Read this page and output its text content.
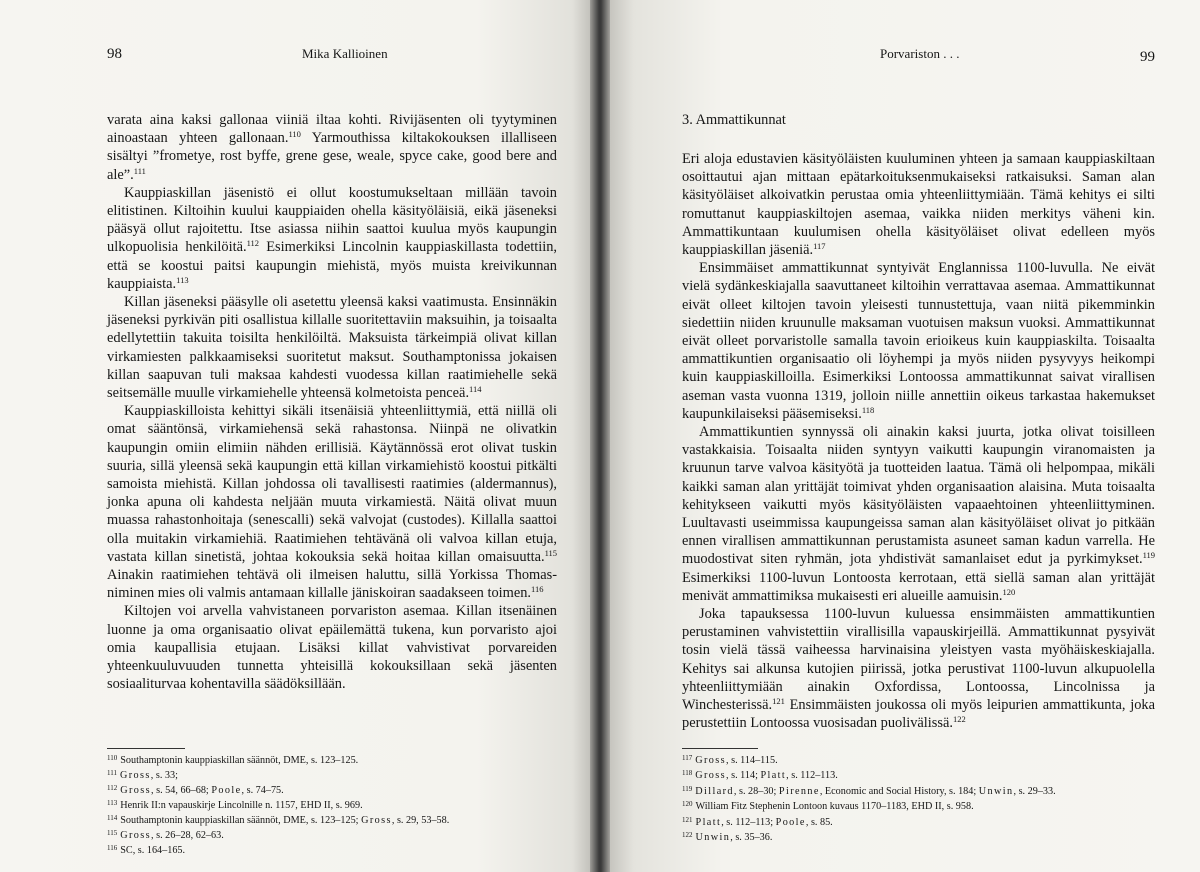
98	Mika Kallioinen

varata aina kaksi gallonaa viiniä iltaa kohti. Rivijäsenten oli tyytyminen ainoastaan yhteen gallonaan.$^{110}$ Yarmouthissa kiltakokouksen illalliseen sisältyi ”frometye, rost byffe, grene gese, weale, spyce cake, good bere and ale”.$^{111}$

Kauppiaskillan jäsenistö ei ollut koostumukseltaan millään tavoin elitistinen. Kiltoihin kuului kauppiaiden ohella käsityöläisiä, eikä jäseneksi pääsyä ollut rajoitettu. Itse asiassa niihin saattoi kuulua myös kaupungin ulkopuolisia henkilöitä.$^{112}$ Esimerkiksi Lincolnin kauppiaskillasta todettiin, että se koostui paitsi kaupungin miehistä, myös muista kreivikunnan kauppiaista.$^{113}$

Killan jäseneksi pääsylle oli asetettu yleensä kaksi vaatimusta. Ensinnäkin jäseneksi pyrkivän piti osallistua killalle suoritettaviin maksuihin, ja toisaalta edellytettiin takuita toisilta henkilöiltä. Maksuista tärkeimpiä olivat killan virkamiesten palkkaamiseksi suoritetut maksut. Southamptonissa jokaisen killan saapuvan tuli maksaa kahdesti vuodessa killan raatimiehelle sekä seitsemälle muulle virkamiehelle yhteensä kolmetoista penceä.$^{114}$

Kauppiaskilloista kehittyi sikäli itsenäisiä yhteenliittymiä, että niillä oli omat sääntönsä, virkamiehensä sekä rahastonsa. Niinpä ne olivatkin kaupungin omiin elimiin nähden erillisiä. Käytännössä erot olivat tuskin suuria, sillä yleensä sekä kaupungin että killan virkamiehistö koostui pitkälti samoista miehistä. Killan johdossa oli tavallisesti raatimies (aldermannus), jonka apuna oli kahdesta neljään muuta virkamiestä. Näitä olivat muun muassa rahastonhoitaja (senescalli) sekä valvojat (custodes). Killalla saattoi olla muitakin virkamiehiä. Raatimiehen tehtävänä oli valvoa killan etuja, vastata killan sinetistä, johtaa kokouksia sekä hoitaa killan omaisuutta.$^{115}$ Ainakin raatimiehen tehtävä oli ilmeisen haluttu, sillä Yorkissa Thomas-niminen mies oli valmis antamaan killalle jäniskoiran saadakseen toimen.$^{116}$

Kiltojen voi arvella vahvistaneen porvariston asemaa. Killan itsenäinen luonne ja oma organisaatio olivat epäilemättä tukena, kun porvaristo ajoi omia kaupallisia etujaan. Lisäksi killat vahvistivat porvareiden yhteenkuuluvuuden tunnetta yhteisillä kokouksillaan sekä jäsenten sosiaaliturvaa kohentavilla säädöksillään.

$^{110}$ Southamptonin kauppiaskillan säännöt, DME, s. 123–125.
$^{111}$ Gross, s. 33;
$^{112}$ Gross, s. 54, 66–68; Poole, s. 74–75.
$^{113}$ Henrik II:n vapauskirje Lincolnille n. 1157, EHD II, s. 969.
$^{114}$ Southamptonin kauppiaskillan säännöt, DME, s. 123–125; Gross, s. 29, 53–58.
$^{115}$ Gross, s. 26–28, 62–63.
$^{116}$ SC, s. 164–165.
Porvariston . . .	99
3. Ammattikunnat

Eri aloja edustavien käsityöläisten kuuluminen yhteen ja samaan kauppiaskiltaan osoittautui ajan mittaan epätarkoituksenmukaiseksi ratkaisuksi. Saman alan käsityöläiset alkoivatkin perustaa omia yhteenliittymiään. Tämä kehitys ei silti romuttanut kauppiaskiltojen asemaa, vaikka niiden merkitys väheni kin. Ammattikuntaan kuulumisen ohella käsityöläiset olivat edelleen myös kauppiaskillan jäseniä.$^{117}$

Ensimmäiset ammattikunnat syntyivät Englannissa 1100-luvulla. Ne eivät vielä sydänkeskiajalla saavuttaneet kiltoihin verrattavaa asemaa. Ammattikunnat eivät olleet kiltojen tavoin yleisesti tunnustettuja, vaan niitä pikemminkin siedettiin niiden kruunulle maksaman vuotuisen maksun vuoksi. Ammattikunnat eivät olleet porvaristolle samalla tavoin erioikeus kuin kauppiaskilta. Toisaalta ammattikuntien organisaatio oli löyhempi ja myös niiden pysyvyys heikompi kuin kauppiaskilloilla. Esimerkiksi Lontoossa ammattikunnat saivat virallisen aseman vasta vuonna 1319, jolloin niille annettiin oikeus tarkastaa hakemukset kaupunkilaiseksi pääsemiseksi.$^{118}$

Ammattikuntien synnyssä oli ainakin kaksi juurta, jotka olivat toisilleen vastakkaisia. Toisaalta niiden syntyyn vaikutti kaupungin viranomaisten ja kruunun tarve valvoa käsityötä ja tuotteiden laatua. Tämä oli helpompaa, mikäli kaikki saman alan yrittäjät toimivat yhden organisaation alaisina. Muta toisaalta kehitykseen vaikutti myös käsityöläisten vapaaehtoinen yhteenliittyminen. Luultavasti useimmissa kaupungeissa saman alan käsityöläiset olivat jo pitkään ennen virallisen ammattikunnan perustamista asuneet saman kadun varrella. He muodostivat siten ryhmän, jota yhdistivät samanlaiset edut ja pyrkimykset.$^{119}$ Esimerkiksi 1100-luvun Lontoosta kerrotaan, että siellä saman alan yrittäjät menivät ammattimiksa mukaisesti eri alueille aamuisin.$^{120}$

Joka tapauksessa 1100-luvun kuluessa ensimmäisten ammattikuntien perustaminen vahvistettiin virallisilla vapauskirjeillä. Ammattikunnat pysyivät tosin vielä tässä vaiheessa harvinaisina yleistyen vasta myöhäiskeskiajalla. Kehitys sai alkunsa kutojien piirissä, jotka perustivat 1100-luvun alkupuolella yhteenliittymiään ainakin Oxfordissa, Lontoossa, Lincolnissa ja Winchesterissä.$^{121}$ Ensimmäisten joukossa oli myös leipurien ammattikunta, joka perustettiin Lontoossa vuosisadan puolivälissä.$^{122}$

$^{117}$ Gross, s. 114–115.
$^{118}$ Gross, s. 114; Platt, s. 112–113.
$^{119}$ Dillard, s. 28–30; Pirenne, Economic and Social History, s. 184; Unwin, s. 29–33.
$^{120}$ William Fitz Stephenin Lontoon kuvaus 1170–1183, EHD II, s. 958.
$^{121}$ Platt, s. 112–113; Poole, s. 85.
$^{122}$ Unwin, s. 35–36.
